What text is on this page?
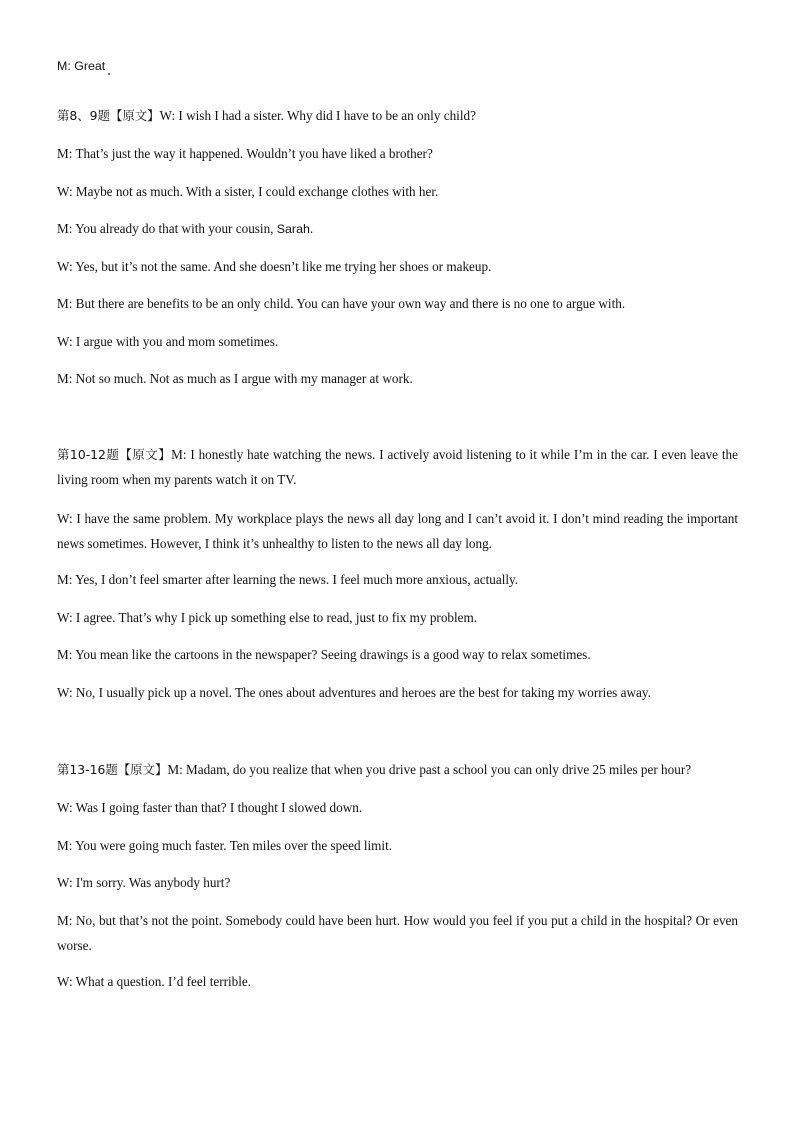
M: Great
第8、9题【原文】W: I wish I had a sister. Why did I have to be an only child?
M: That’s just the way it happened. Wouldn’t you have liked a brother?
W: Maybe not as much. With a sister, I could exchange clothes with her.
M: You already do that with your cousin, Sarah.
W: Yes, but it’s not the same. And she doesn’t like me trying her shoes or makeup.
M: But there are benefits to be an only child. You can have your own way and there is no one to argue with.
W: I argue with you and mom sometimes.
M: Not so much. Not as much as I argue with my manager at work.
第10-12题【原文】M: I honestly hate watching the news. I actively avoid listening to it while I’m in the car. I even leave the living room when my parents watch it on TV.
W: I have the same problem. My workplace plays the news all day long and I can’t avoid it. I don’t mind reading the important news sometimes. However, I think it’s unhealthy to listen to the news all day long.
M: Yes, I don’t feel smarter after learning the news. I feel much more anxious, actually.
W: I agree. That’s why I pick up something else to read, just to fix my problem.
M: You mean like the cartoons in the newspaper? Seeing drawings is a good way to relax sometimes.
W: No, I usually pick up a novel. The ones about adventures and heroes are the best for taking my worries away.
第13-16题【原文】M: Madam, do you realize that when you drive past a school you can only drive 25 miles per hour?
W: Was I going faster than that? I thought I slowed down.
M: You were going much faster. Ten miles over the speed limit.
W: I'm sorry. Was anybody hurt?
M: No, but that’s not the point. Somebody could have been hurt. How would you feel if you put a child in the hospital? Or even worse.
W: What a question. I’d feel terrible.
